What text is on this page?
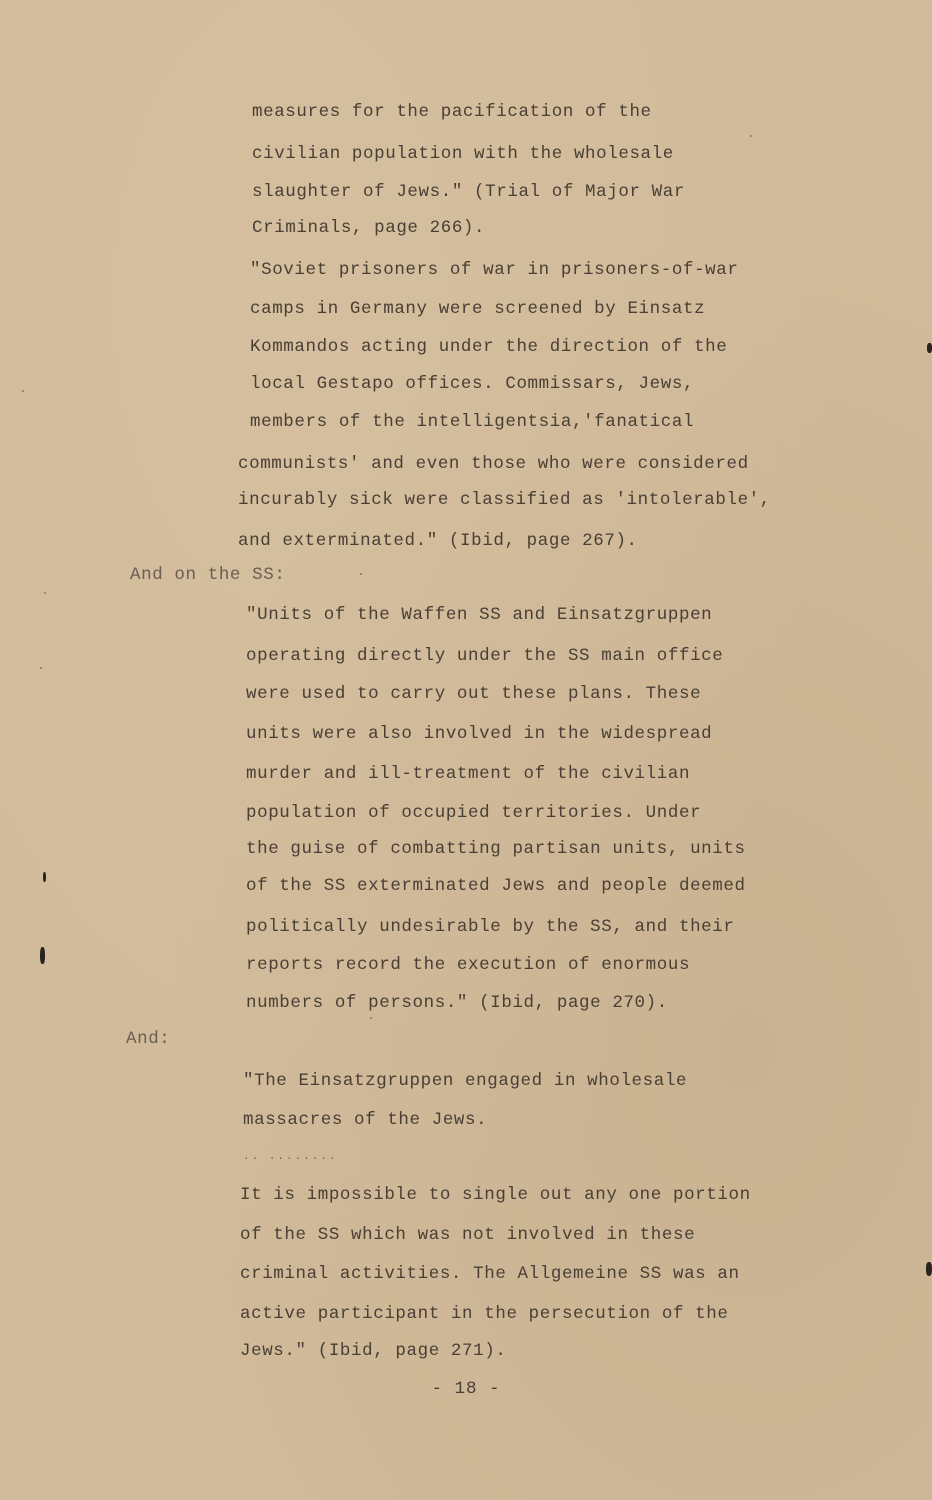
measures for the pacification of the
civilian population with the wholesale
slaughter of Jews." (Trial of Major War
Criminals, page 266).
"Soviet prisoners of war in prisoners-of-war
camps in Germany were screened by Einsatz
Kommandos acting under the direction of the
local Gestapo offices. Commissars, Jews,
members of the intelligentsia,'fanatical
communists' and even those who were considered
incurably sick were classified as 'intolerable',
and exterminated." (Ibid, page 267).
And on the SS:
"Units of the Waffen SS and Einsatzgruppen
operating directly under the SS main office
were used to carry out these plans. These
units were also involved in the widespread
murder and ill-treatment of the civilian
population of occupied territories. Under
the guise of combatting partisan units, units
of the SS exterminated Jews and people deemed
politically undesirable by the SS, and their
reports record the execution of enormous
numbers of persons." (Ibid, page 270).
And:
"The Einsatzgruppen engaged in wholesale
massacres of the Jews.
.. ........
It is impossible to single out any one portion
of the SS which was not involved in these
criminal activities. The Allgemeine SS was an
active participant in the persecution of the
Jews." (Ibid, page 271).
- 18 -
